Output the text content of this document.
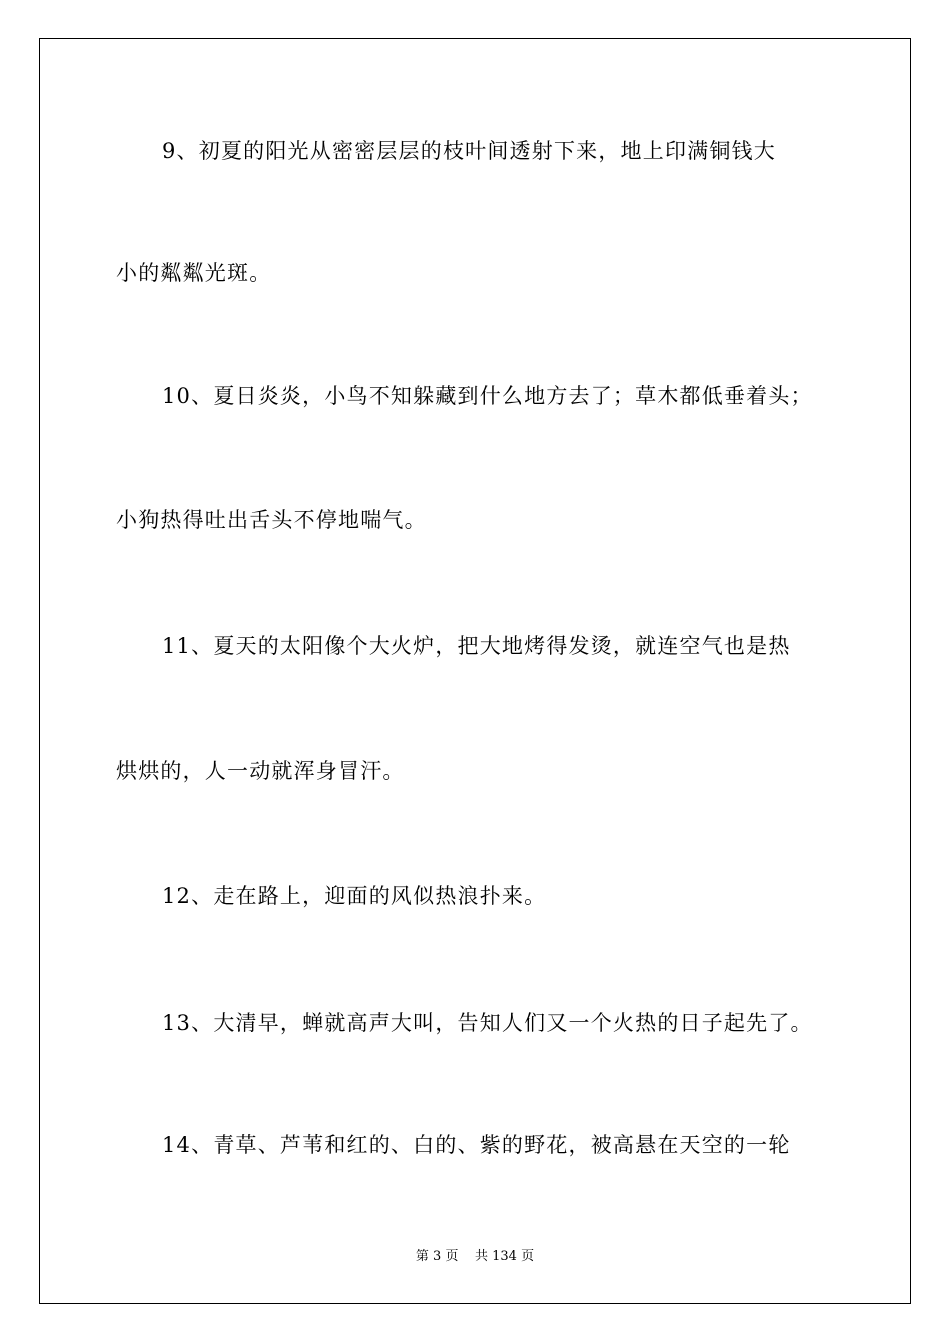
9、初夏的阳光从密密层层的枝叶间透射下来，地上印满铜钱大
小的粼粼光斑。
10、夏日炎炎，小鸟不知躲藏到什么地方去了；草木都低垂着头；
小狗热得吐出舌头不停地喘气。
11、夏天的太阳像个大火炉，把大地烤得发烫，就连空气也是热
烘烘的，人一动就浑身冒汗。
12、走在路上，迎面的风似热浪扑来。
13、大清早，蝉就高声大叫，告知人们又一个火热的日子起先了。
14、青草、芦苇和红的、白的、紫的野花，被高悬在天空的一轮
第 3 页    共 134 页
